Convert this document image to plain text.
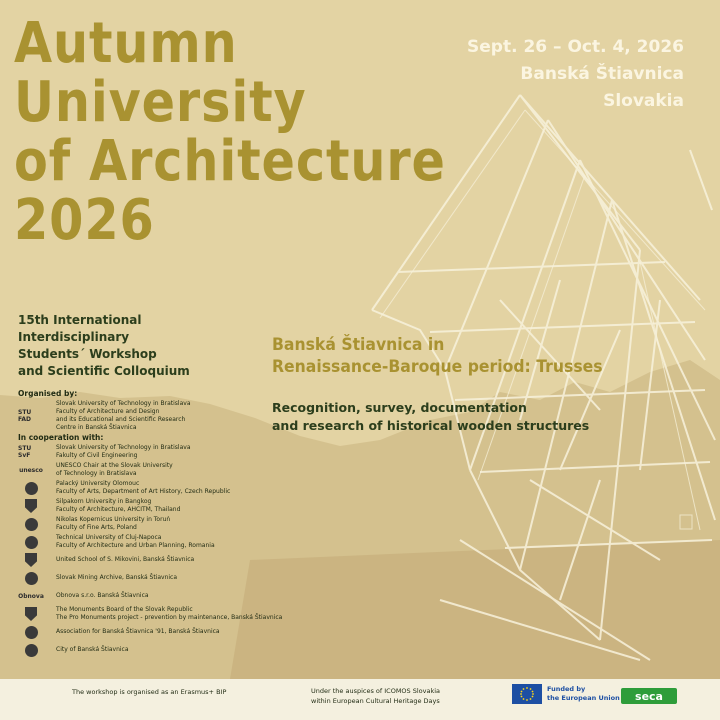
Autumn
University
of Architecture
2026
Sept. 26 – Oct. 4, 2026
Banská Štiavnica
Slovakia
15th International
Interdisciplinary
Students´ Workshop
and Scientific Colloquium
Banská Štiavnica in
Renaissance-Baroque period: Trusses
Recognition, survey, documentation
and research of historical wooden structures
Organised by:
STU FAD
Slovak University of Technology in Bratislava
Faculty of Architecture and Design
and its Educational and Scientific Research
Centre in Banská Štiavnica
In cooperation with:
STU SvF
Slovak University of Technology in Bratislava
Fakulty of Civil Engineering
unesco
UNESCO Chair at the Slovak University
of Technology in Bratislava
Palacký University Olomouc
Faculty of Arts, Department of Art History, Czech Republic
Silpakorn University in Bangkog
Faculty of Architecture, AHCITM, Thailand
Nikolas Kopernicus University in Toruń
Faculty of Fine Arts, Poland
Technical University of Cluj-Napoca
Faculty of Architecture and Urban Planning, Romania
United School of S. Mikovini, Banská Štiavnica
Slovak Mining Archive, Banská Štiavnica
Obnova Obnova s.r.o. Banská Štiavnica
The Monuments Board of the Slovak Republic
The Pro Monuments project - prevention by maintenance, Banská Štiavnica
Association for Banská Štiavnica '91, Banská Štiavnica
City of Banská Štiavnica
The workshop is organised as an Erasmus+ BIP	Under the auspices of ICOMOS Slovakia
within European Cultural Heritage Days
Funded by
the European Union seca
